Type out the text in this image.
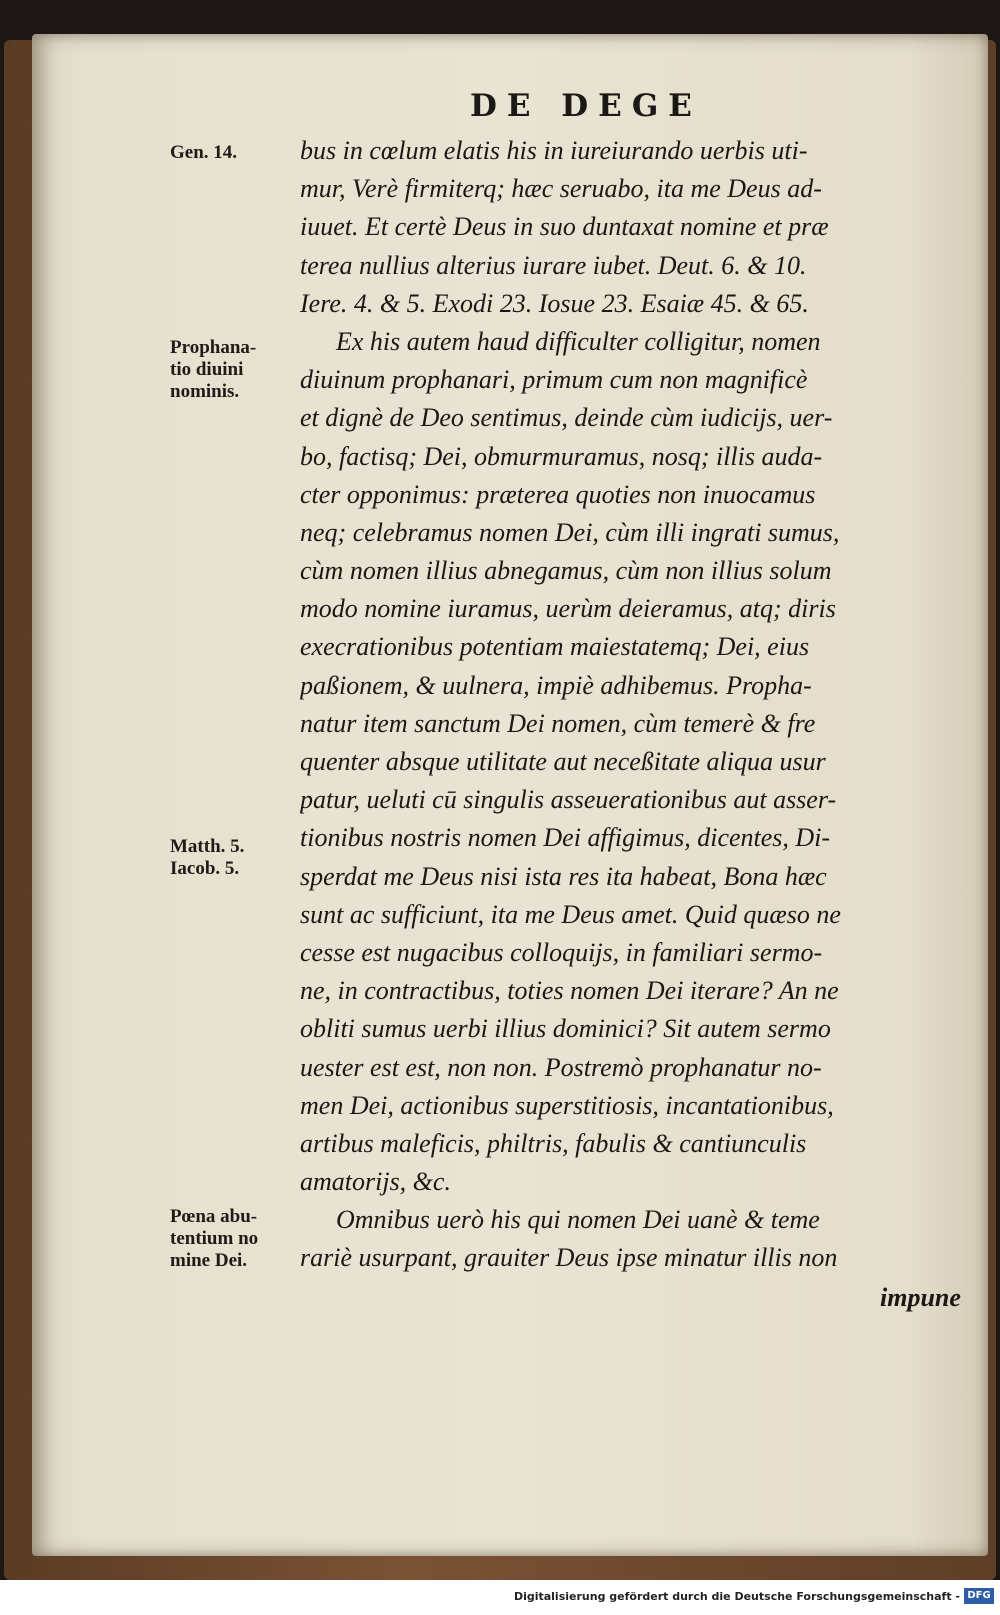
DE DEGE
Gen. 14.
Prophana-
tio diuini
nominis.
Matth. 5.
Iacob. 5.
Pœna abu-
tentium no
mine Dei.
bus in cœlum elatis his in iureiurando uerbis uti-
mur, Verè firmiterq; hæc seruabo, ita me Deus ad-
iuuet. Et certè Deus in suo duntaxat nomine et præ
terea nullius alterius iurare iubet. Deut. 6. & 10.
Iere. 4. & 5. Exodi 23. Iosue 23. Esaiæ 45. & 65.
Ex his autem haud difficulter colligitur, nomen
diuinum prophanari, primum cum non magnificè
et dignè de Deo sentimus, deinde cùm iudicijs, uer-
bo, factisq; Dei, obmurmuramus, nosq; illis auda-
cter opponimus: præterea quoties non inuocamus
neq; celebramus nomen Dei, cùm illi ingrati sumus,
cùm nomen illius abnegamus, cùm non illius solum
modo nomine iuramus, uerùm deieramus, atq; diris
execrationibus potentiam maiestatemq; Dei, eius
paßionem, & uulnera, impiè adhibemus. Propha-
natur item sanctum Dei nomen, cùm temerè & fre
quenter absque utilitate aut neceßitate aliqua usur
patur, ueluti cū singulis asseuerationibus aut asser-
tionibus nostris nomen Dei affigimus, dicentes, Di-
sperdat me Deus nisi ista res ita habeat, Bona hæc
sunt ac sufficiunt, ita me Deus amet. Quid quæso ne
cesse est nugacibus colloquijs, in familiari sermo-
ne, in contractibus, toties nomen Dei iterare? An ne
obliti sumus uerbi illius dominici? Sit autem sermo
uester est est, non non. Postremò prophanatur no-
men Dei, actionibus superstitiosis, incantationibus,
artibus maleficis, philtris, fabulis & cantiunculis
amatorijs, &c.
Omnibus uerò his qui nomen Dei uanè & teme
rariè usurpant, grauiter Deus ipse minatur illis non
impune
Digitalisierung gefördert durch die Deutsche Forschungsgemeinschaft - DFG
